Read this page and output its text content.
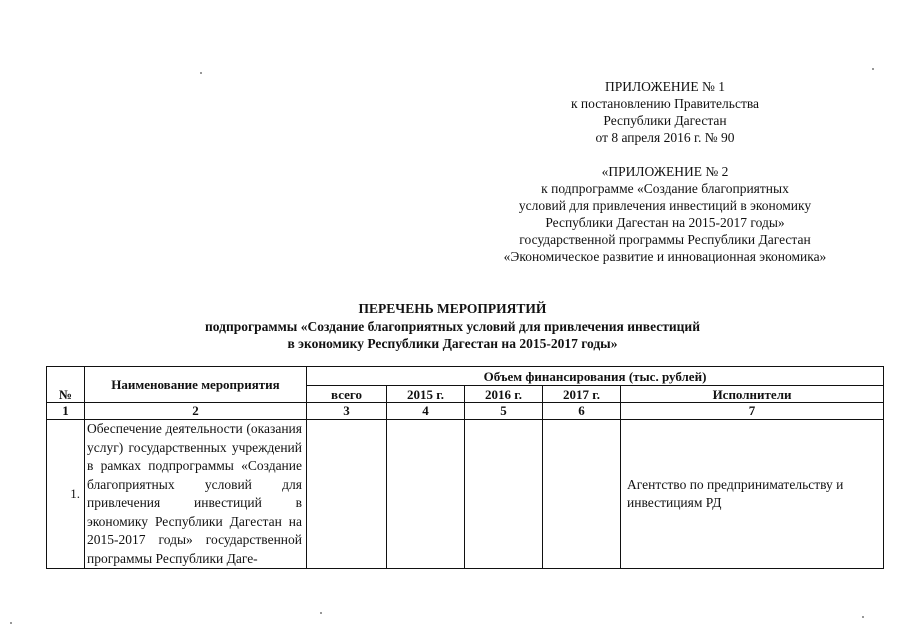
ПРИЛОЖЕНИЕ № 1
к постановлению Правительства
Республики Дагестан
от 8 апреля 2016 г. № 90
«ПРИЛОЖЕНИЕ № 2
к подпрограмме «Создание благоприятных
условий для привлечения инвестиций в экономику
Республики Дагестан на 2015-2017 годы»
государственной программы Республики Дагестан
«Экономическое развитие и инновационная экономика»
ПЕРЕЧЕНЬ МЕРОПРИЯТИЙ
подпрограммы «Создание благоприятных условий для привлечения инвестиций
в экономику Республики Дагестан на 2015-2017 годы»
№	Наименование мероприятия	Объем финансирования (тыс. рублей)				
		всего	2015 г.	2016 г.	2017 г.	Исполнители
1	2	3	4	5	6	7
1.	Обеспечение деятельности (оказания услуг) государственных учреждений в рамках подпрограммы «Создание благоприятных условий для привлечения инвестиций в экономику Республики Дагестан на 2015-2017 годы» государственной программы Республики Даге-					Агентство по предпринимательству и инвестициям РД
